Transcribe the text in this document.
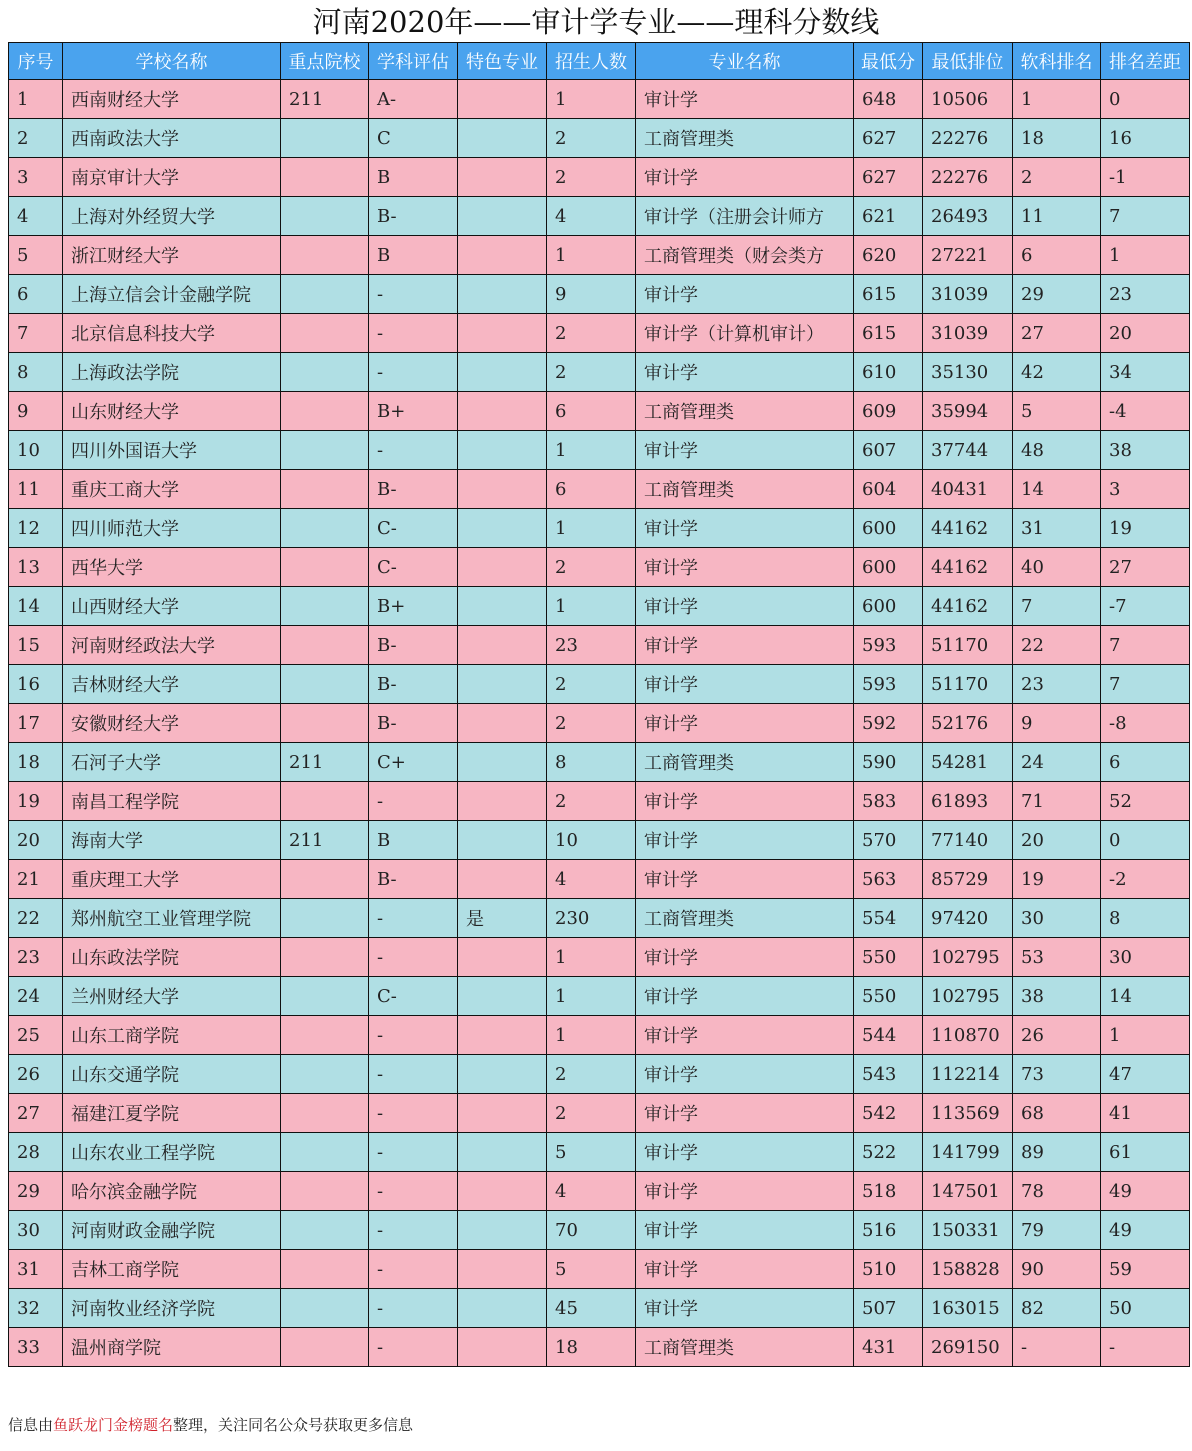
河南2020年——审计学专业——理科分数线
序号	学校名称	重点院校	学科评估	特色专业	招生人数	专业名称	最低分	最低排位	软科排名	排名差距
1	西南财经大学	211	A-		1	审计学	648	10506	1	0
2	西南政法大学		C		2	工商管理类	627	22276	18	16
3	南京审计大学		B		2	审计学	627	22276	2	-1
4	上海对外经贸大学		B-		4	审计学（注册会计师方	621	26493	11	7
5	浙江财经大学		B		1	工商管理类（财会类方	620	27221	6	1
6	上海立信会计金融学院		-		9	审计学	615	31039	29	23
7	北京信息科技大学		-		2	审计学（计算机审计）	615	31039	27	20
8	上海政法学院		-		2	审计学	610	35130	42	34
9	山东财经大学		B+		6	工商管理类	609	35994	5	-4
10	四川外国语大学		-		1	审计学	607	37744	48	38
11	重庆工商大学		B-		6	工商管理类	604	40431	14	3
12	四川师范大学		C-		1	审计学	600	44162	31	19
13	西华大学		C-		2	审计学	600	44162	40	27
14	山西财经大学		B+		1	审计学	600	44162	7	-7
15	河南财经政法大学		B-		23	审计学	593	51170	22	7
16	吉林财经大学		B-		2	审计学	593	51170	23	7
17	安徽财经大学		B-		2	审计学	592	52176	9	-8
18	石河子大学	211	C+		8	工商管理类	590	54281	24	6
19	南昌工程学院		-		2	审计学	583	61893	71	52
20	海南大学	211	B		10	审计学	570	77140	20	0
21	重庆理工大学		B-		4	审计学	563	85729	19	-2
22	郑州航空工业管理学院		-	是	230	工商管理类	554	97420	30	8
23	山东政法学院		-		1	审计学	550	102795	53	30
24	兰州财经大学		C-		1	审计学	550	102795	38	14
25	山东工商学院		-		1	审计学	544	110870	26	1
26	山东交通学院		-		2	审计学	543	112214	73	47
27	福建江夏学院		-		2	审计学	542	113569	68	41
28	山东农业工程学院		-		5	审计学	522	141799	89	61
29	哈尔滨金融学院		-		4	审计学	518	147501	78	49
30	河南财政金融学院		-		70	审计学	516	150331	79	49
31	吉林工商学院		-		5	审计学	510	158828	90	59
32	河南牧业经济学院		-		45	审计学	507	163015	82	50
33	温州商学院		-		18	工商管理类	431	269150	-	-
信息由鱼跃龙门金榜题名整理，关注同名公众号获取更多信息
